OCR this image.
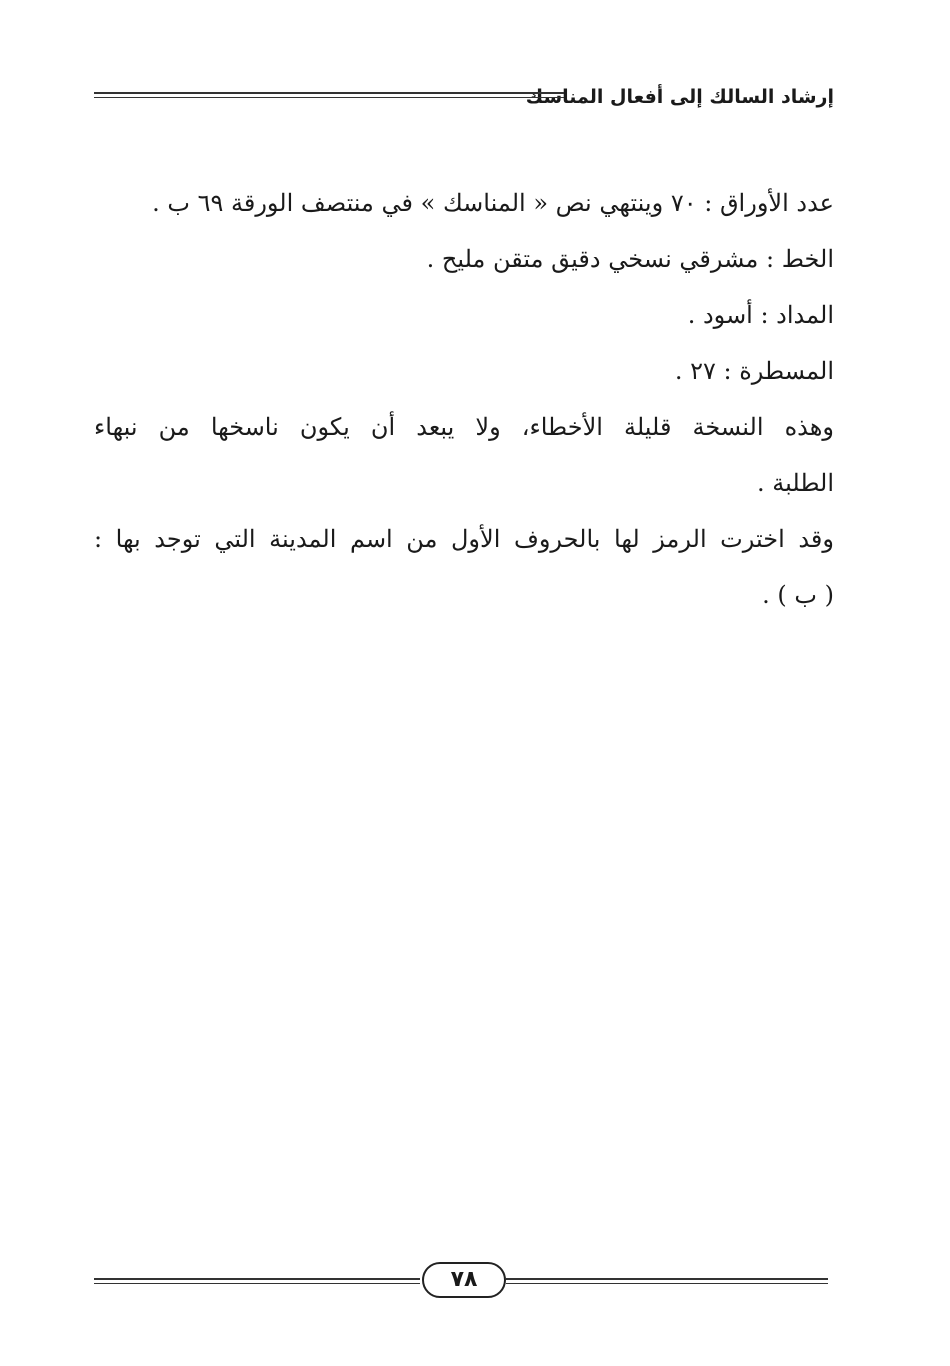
إرشاد السالك إلى أفعال المناسك

عدد الأوراق : ٧٠ وينتهي نص « المناسك » في منتصف الورقة ٦٩ ب .

الخط : مشرقي نسخي دقيق متقن مليح .

المداد : أسود .

المسطرة : ٢٧ .

وهذه النسخة قليلة الأخطاء، ولا يبعد أن يكون ناسخها من نبهاء
الطلبة .

وقد اخترت الرمز لها بالحروف الأول من اسم المدينة التي توجد بها :
( ب ) .

٧٨
